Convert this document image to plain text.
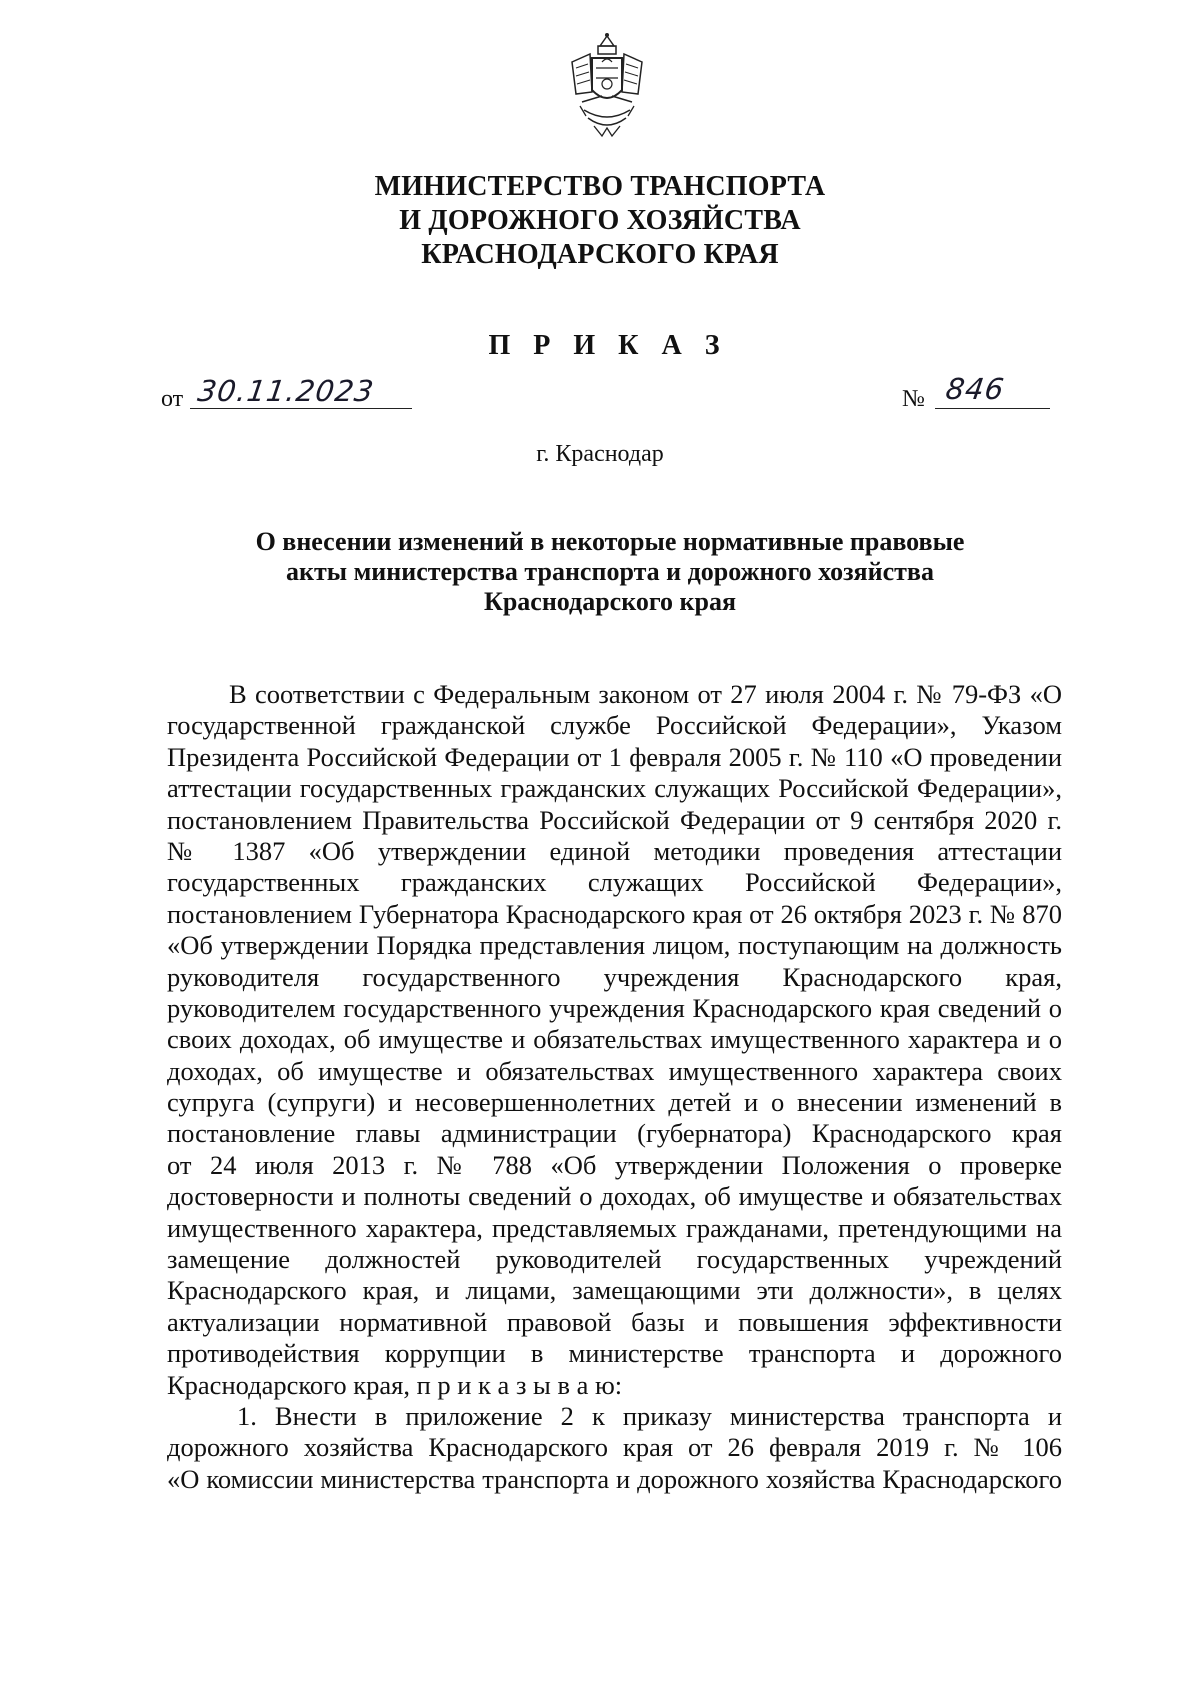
МИНИСТЕРСТВО ТРАНСПОРТА
И ДОРОЖНОГО ХОЗЯЙСТВА
КРАСНОДАРСКОГО КРАЯ
П Р И К А З
от 30.11.2023	№ 846
г. Краснодар
О внесении изменений в некоторые нормативные правовые
акты министерства транспорта и дорожного хозяйства
Краснодарского края
В соответствии с Федеральным законом от 27 июля 2004 г. № 79-ФЗ «О
государственной гражданской службе Российской Федерации», Указом
Президента Российской Федерации от 1 февраля 2005 г. № 110 «О проведении
аттестации государственных гражданских служащих Российской Федерации»,
постановлением Правительства Российской Федерации от 9 сентября 2020 г.
№ 1387 «Об утверждении единой методики проведения аттестации
государственных гражданских служащих Российской Федерации»,
постановлением Губернатора Краснодарского края от 26 октября 2023 г. № 870
«Об утверждении Порядка представления лицом, поступающим на должность
руководителя государственного учреждения Краснодарского края,
руководителем государственного учреждения Краснодарского края сведений о
своих доходах, об имуществе и обязательствах имущественного характера и о
доходах, об имуществе и обязательствах имущественного характера своих
супруга (супруги) и несовершеннолетних детей и о внесении изменений в
постановление главы администрации (губернатора) Краснодарского края
от 24 июля 2013 г. № 788 «Об утверждении Положения о проверке
достоверности и полноты сведений о доходах, об имуществе и обязательствах
имущественного характера, представляемых гражданами, претендующими на
замещение должностей руководителей государственных учреждений
Краснодарского края, и лицами, замещающими эти должности», в целях
актуализации нормативной правовой базы и повышения эффективности
противодействия коррупции в министерстве транспорта и дорожного
Краснодарского края, п р и к а з ы в а ю:
1. Внести в приложение 2 к приказу министерства транспорта и
дорожного хозяйства Краснодарского края от 26 февраля 2019 г. № 106
«О комиссии министерства транспорта и дорожного хозяйства Краснодарского
